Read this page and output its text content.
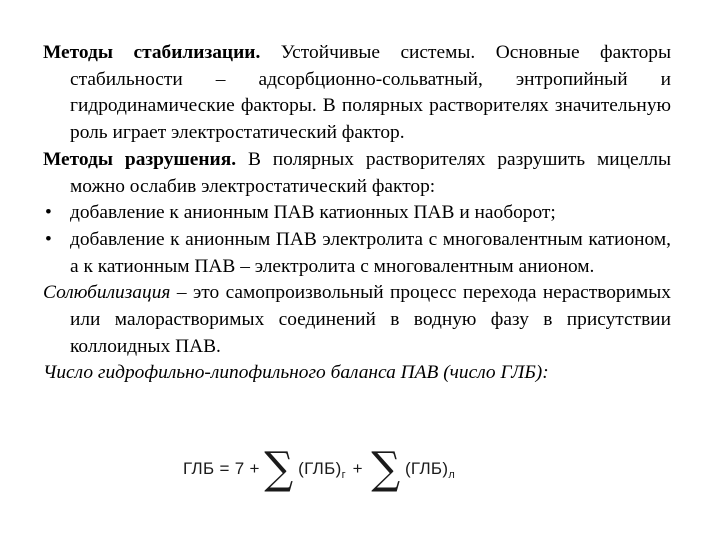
Методы стабилизации. Устойчивые системы. Основные факторы стабильности – адсорбционно-сольватный, энтропийный и гидродинамические факторы. В полярных растворителях значительную роль играет электростатический фактор.

Методы разрушения. В полярных растворителях разрушить мицеллы можно ослабив электростатический фактор:

• добавление к анионным ПАВ катионных ПАВ и наоборот;

• добавление к анионным ПАВ электролита с многовалентным катионом, а к катионным ПАВ – электролита с многовалентным анионом.

Солюбилизация – это самопроизвольный процесс перехода нерастворимых или малорастворимых соединений в водную фазу в присутствии коллоидных ПАВ.

Число гидрофильно-липофильного баланса ПАВ (число ГЛБ):

ГЛБ = 7 + ∑ (ГЛБ) г + ∑ (ГЛБ) л
